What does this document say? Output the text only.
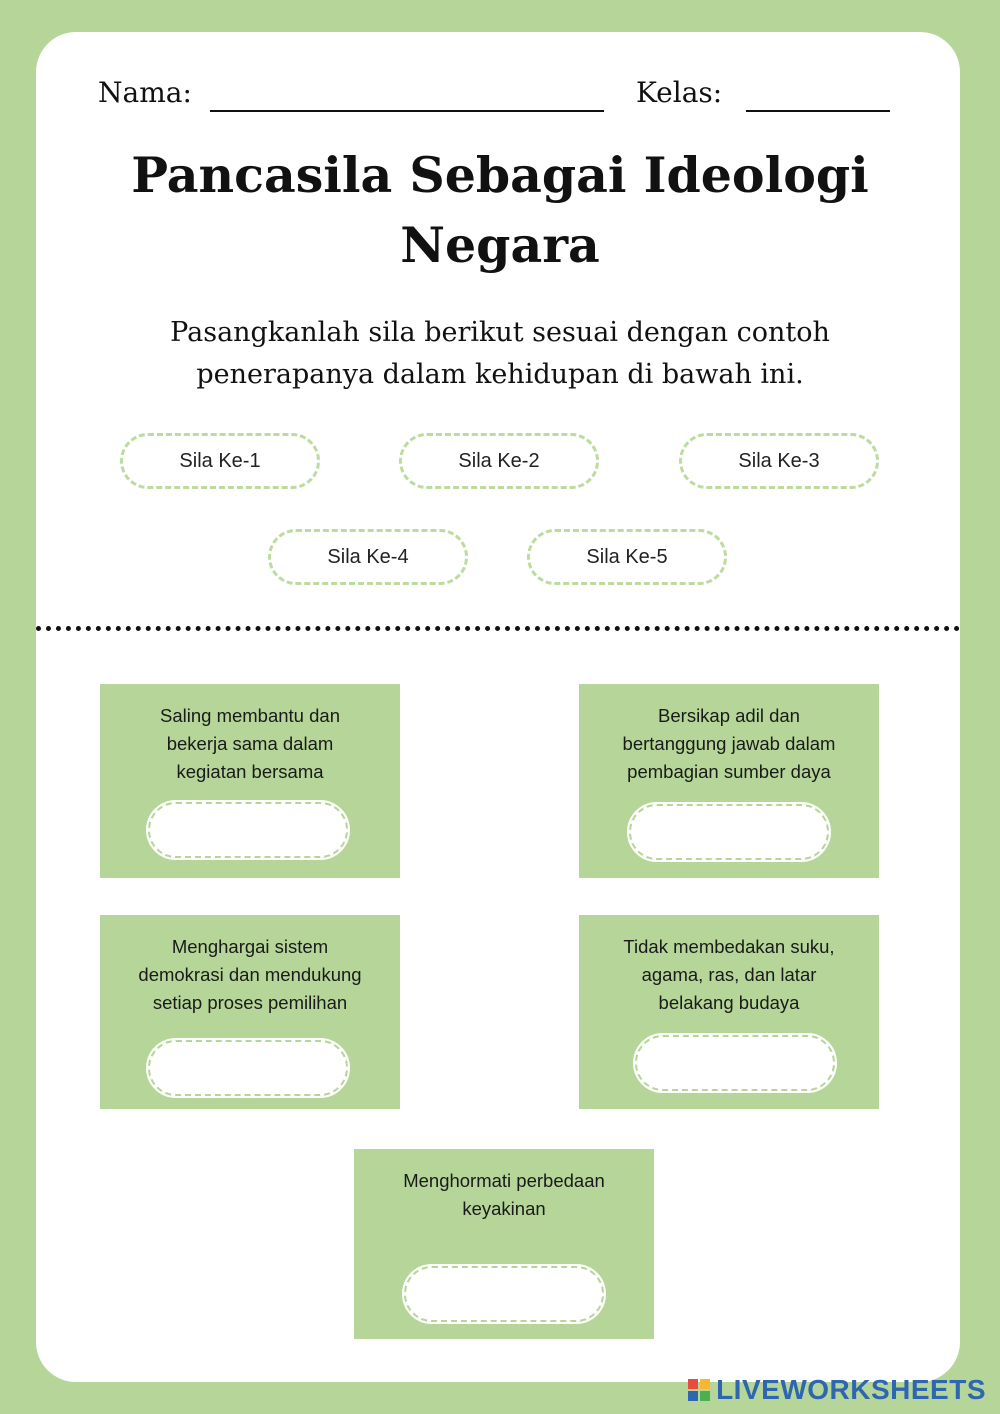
Nama:	Kelas:
Pancasila Sebagai Ideologi
Negara
Pasangkanlah sila berikut sesuai dengan contoh
penerapanya dalam kehidupan di bawah ini.
Sila Ke-1	Sila Ke-2	Sila Ke-3
Sila Ke-4	Sila Ke-5
Saling membantu dan
bekerja sama dalam
kegiatan bersama
Bersikap adil dan
bertanggung jawab dalam
pembagian sumber daya
Menghargai sistem
demokrasi dan mendukung
setiap proses pemilihan
Tidak membedakan suku,
agama, ras, dan latar
belakang budaya
Menghormati perbedaan
keyakinan
LIVEWORKSHEETS
